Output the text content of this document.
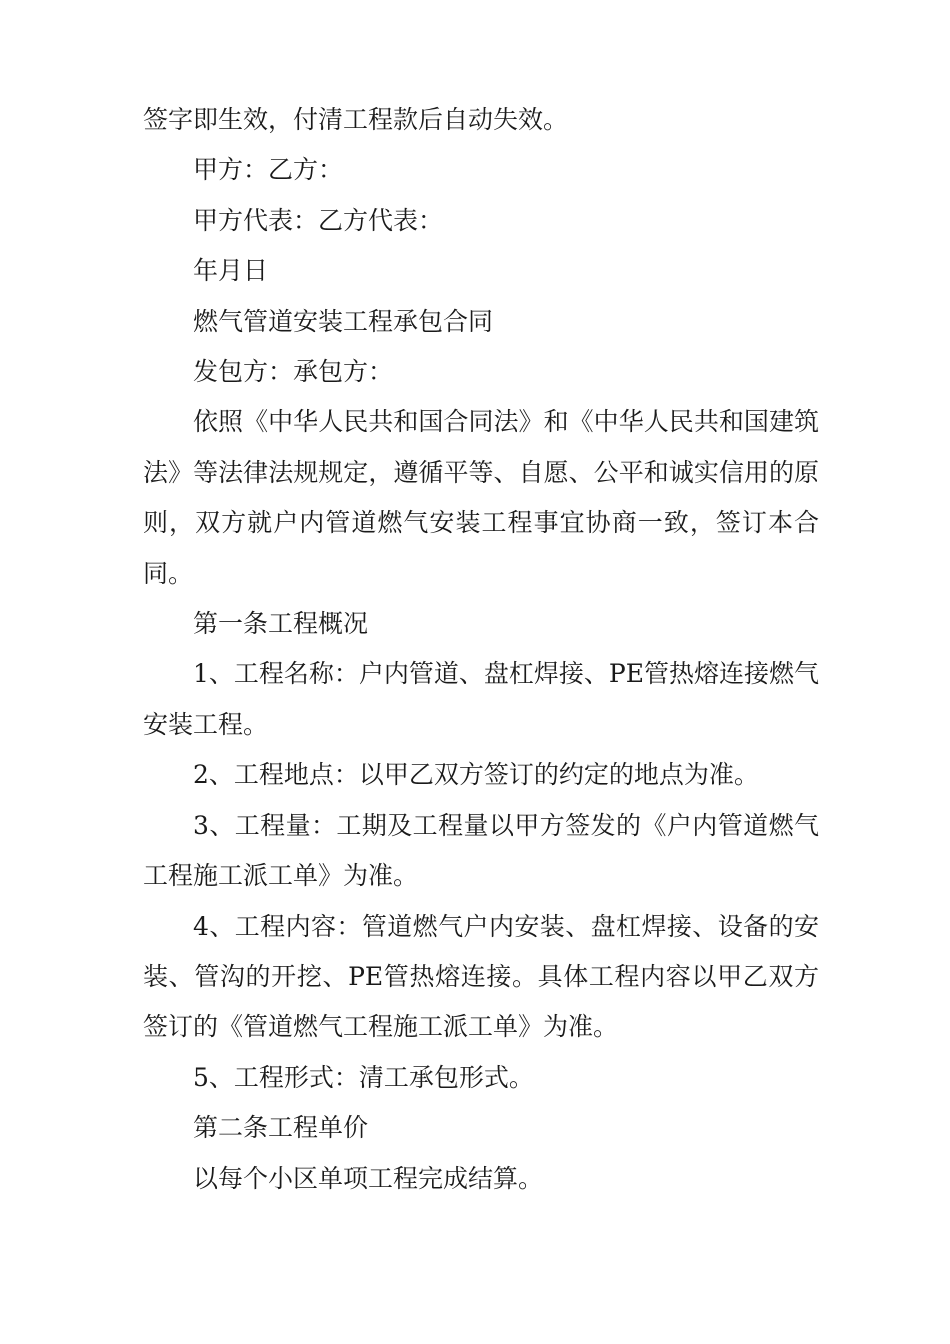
签字即生效，付清工程款后自动失效。

甲方：乙方：

甲方代表：乙方代表：

年月日

燃气管道安装工程承包合同

发包方：承包方：

依照《中华人民共和国合同法》和《中华人民共和国建筑法》等法律法规规定，遵循平等、自愿、公平和诚实信用的原则，双方就户内管道燃气安装工程事宜协商一致，签订本合同。

第一条工程概况

1、工程名称：户内管道、盘杠焊接、PE管热熔连接燃气安装工程。

2、工程地点：以甲乙双方签订的约定的地点为准。

3、工程量：工期及工程量以甲方签发的《户内管道燃气工程施工派工单》为准。

4、工程内容：管道燃气户内安装、盘杠焊接、设备的安装、管沟的开挖、PE管热熔连接。具体工程内容以甲乙双方签订的《管道燃气工程施工派工单》为准。

5、工程形式：清工承包形式。

第二条工程单价

以每个小区单项工程完成结算。
